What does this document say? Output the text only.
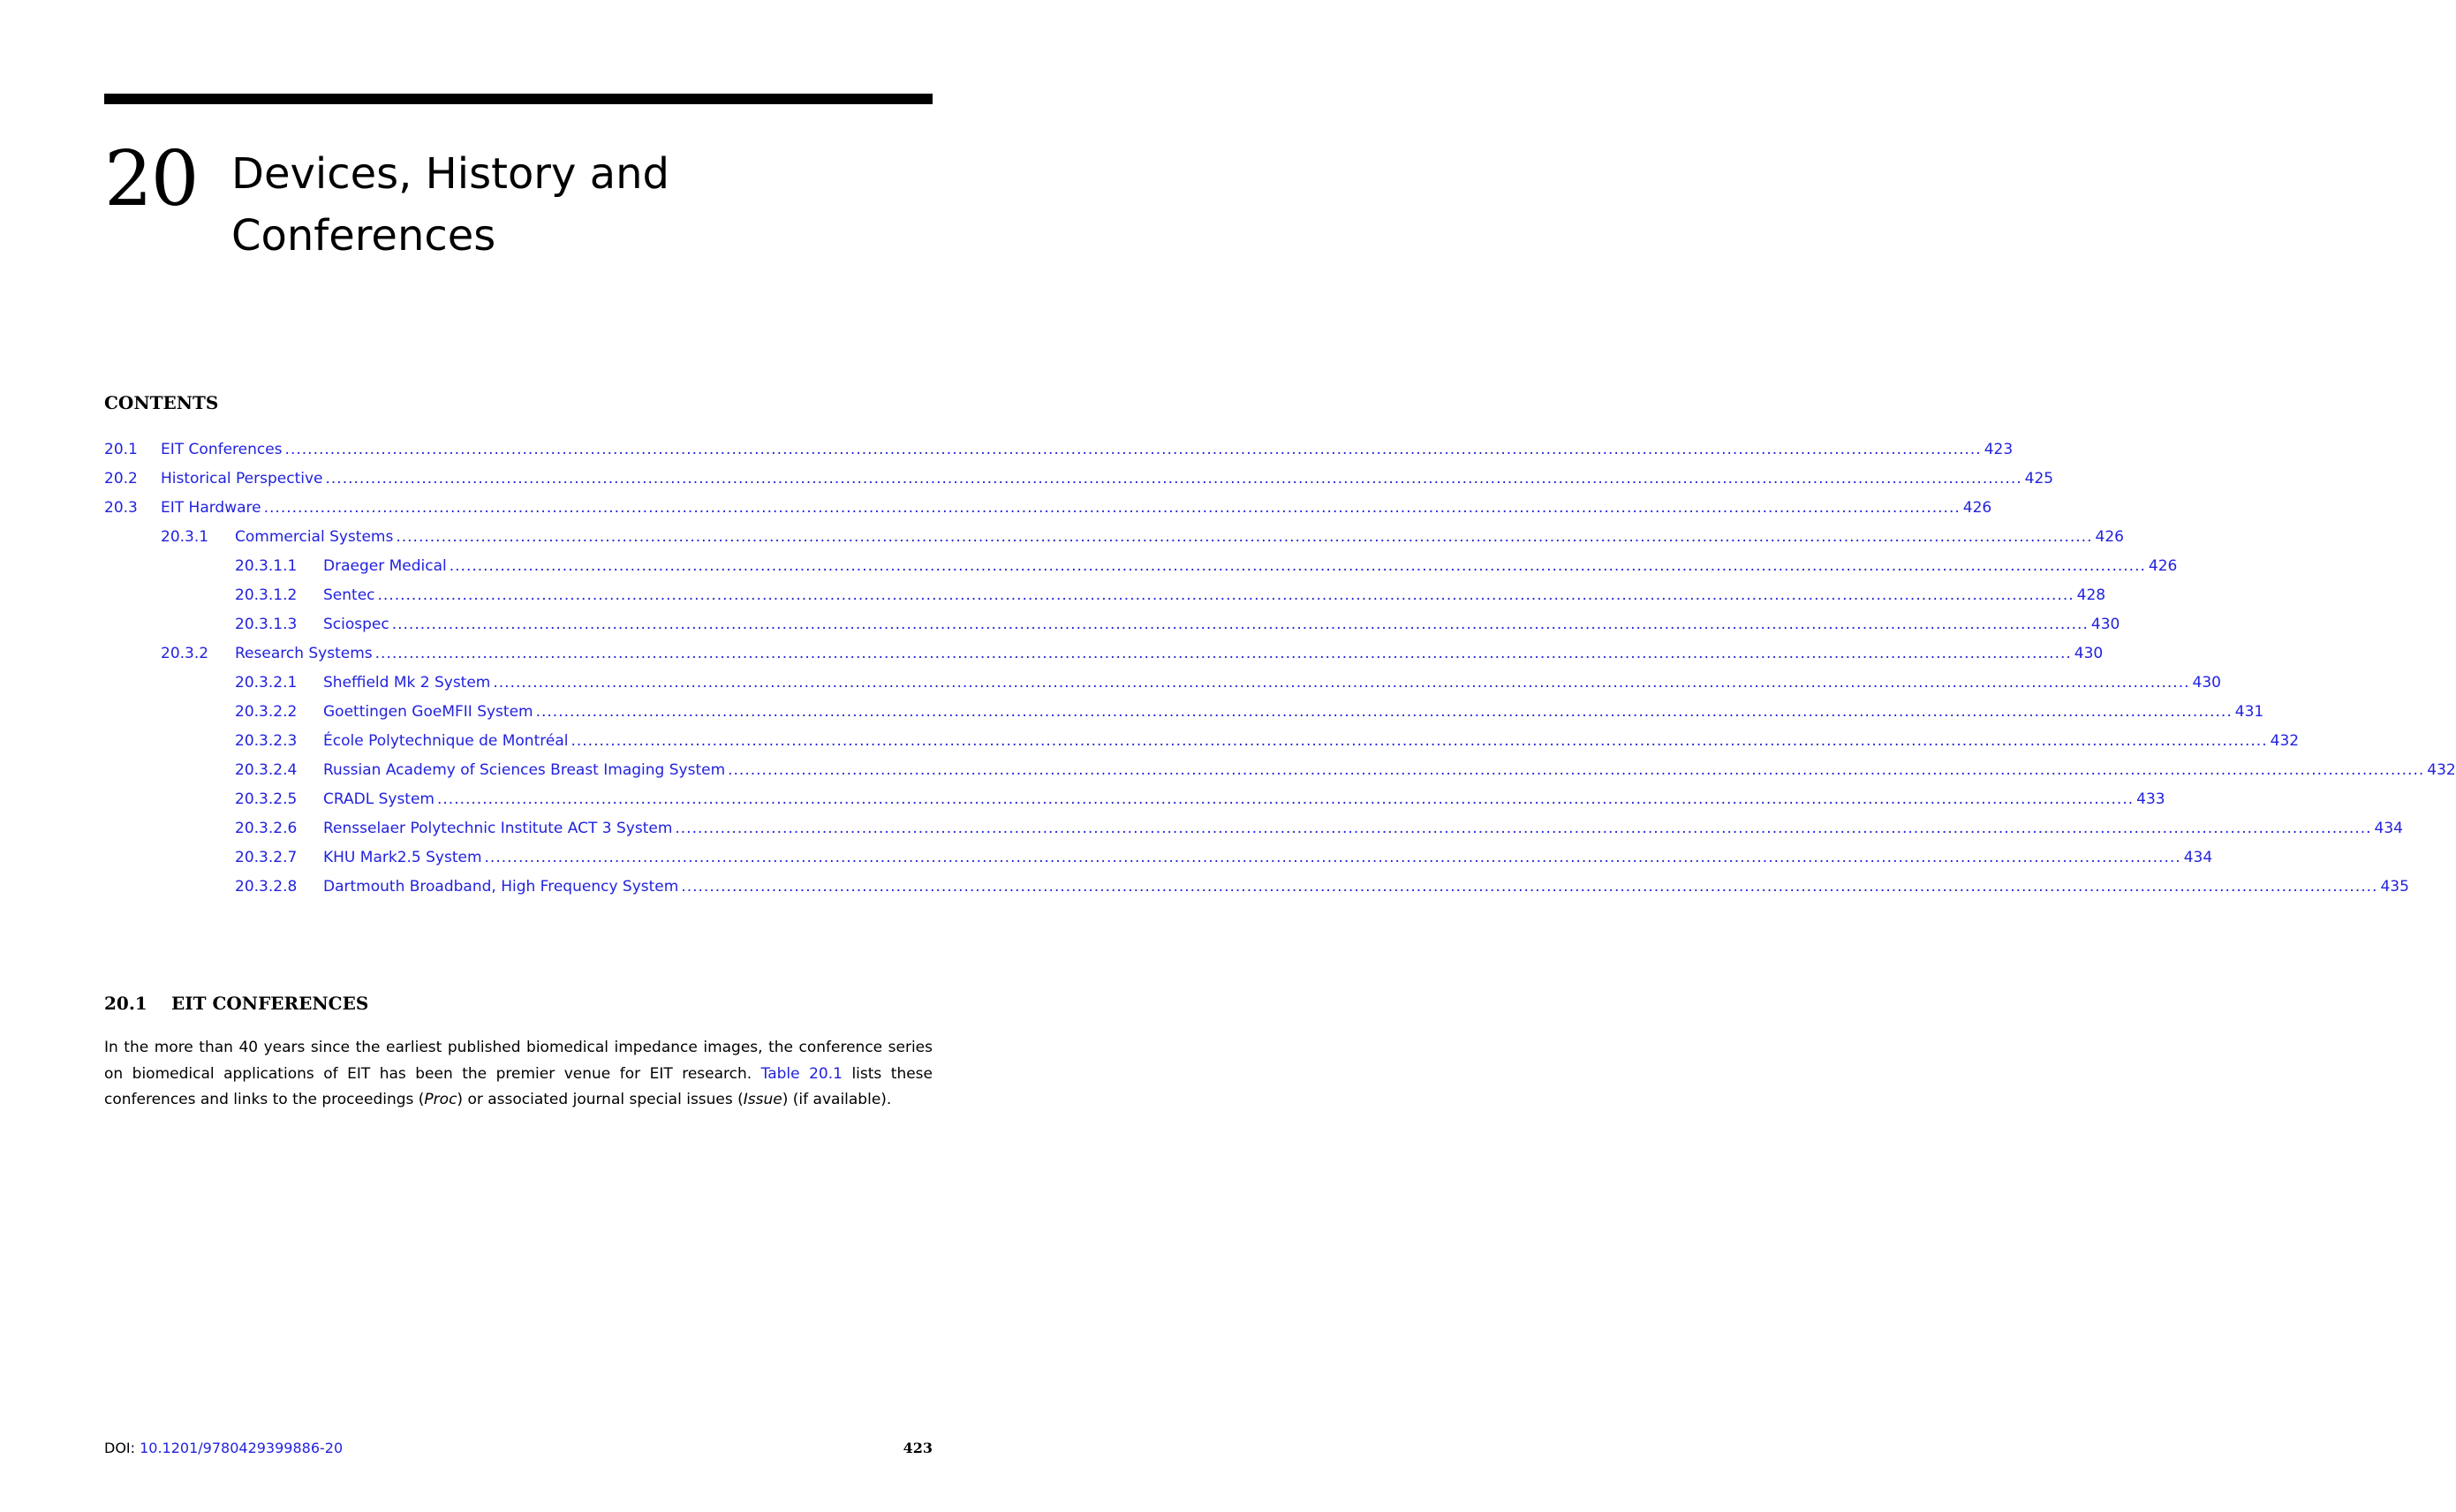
20 Devices, History and
Conferences
CONTENTS
20.1	EIT Conferences ............................................................................................................................................................................................................................................................................................................ 423
20.2	Historical Perspective ............................................................................................................................................................................................................................................................................................................ 425
20.3	EIT Hardware ............................................................................................................................................................................................................................................................................................................ 426
20.3.1	Commercial Systems ............................................................................................................................................................................................................................................................................................................ 426
20.3.1.1	Draeger Medical ............................................................................................................................................................................................................................................................................................................ 426
20.3.1.2	Sentec ............................................................................................................................................................................................................................................................................................................ 428
20.3.1.3	Sciospec ............................................................................................................................................................................................................................................................................................................ 430
20.3.2	Research Systems ............................................................................................................................................................................................................................................................................................................ 430
20.3.2.1	Sheffield Mk 2 System ............................................................................................................................................................................................................................................................................................................ 430
20.3.2.2	Goettingen GoeMFII System ............................................................................................................................................................................................................................................................................................................ 431
20.3.2.3	École Polytechnique de Montréal ............................................................................................................................................................................................................................................................................................................ 432
20.3.2.4	Russian Academy of Sciences Breast Imaging System ............................................................................................................................................................................................................................................................................................................ 432
20.3.2.5	CRADL System ............................................................................................................................................................................................................................................................................................................ 433
20.3.2.6	Rensselaer Polytechnic Institute ACT 3 System ............................................................................................................................................................................................................................................................................................................ 434
20.3.2.7	KHU Mark2.5 System ............................................................................................................................................................................................................................................................................................................ 434
20.3.2.8	Dartmouth Broadband, High Frequency System ............................................................................................................................................................................................................................................................................................................ 435
20.1 EIT CONFERENCES

In the more than 40 years since the earliest published biomedical impedance images, the conference series on biomedical applications of EIT has been the premier venue for EIT research. Table 20.1 lists these conferences and links to the proceedings (Proc) or associated journal special issues (Issue) (if available).

DOI: 10.1201/9780429399886-20	423
